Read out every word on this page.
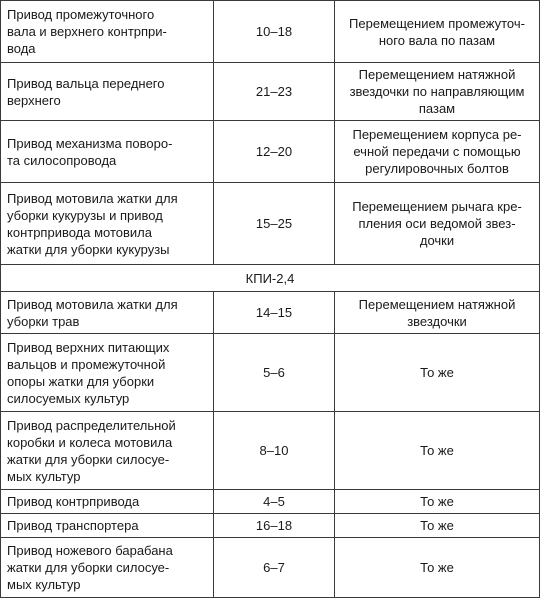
Привод промежуточного
вала и верхнего контрпри-
вода	10–18	Перемещением промежуточ-
ного вала по пазам
Привод вальца переднего
верхнего	21–23	Перемещением натяжной
звездочки по направляющим
пазам
Привод механизма поворо-
та силосопровода	12–20	Перемещением корпуса ре-
ечной передачи с помощью
регулировочных болтов
Привод мотовила жатки для
уборки кукурузы и привод
контрпривода мотовила
жатки для уборки кукурузы	15–25	Перемещением рычага кре-
пления оси ведомой звез-
дочки
КПИ-2,4		
Привод мотовила жатки для
уборки трав	14–15	Перемещением натяжной
звездочки
Привод верхних питающих
вальцов и промежуточной
опоры жатки для уборки
силосуемых культур	5–6	То же
Привод распределительной
коробки и колеса мотовила
жатки для уборки силосуе-
мых культур	8–10	То же
Привод контрпривода	4–5	То же
Привод транспортера	16–18	То же
Привод ножевого барабана
жатки для уборки силосуе-
мых культур	6–7	То же
